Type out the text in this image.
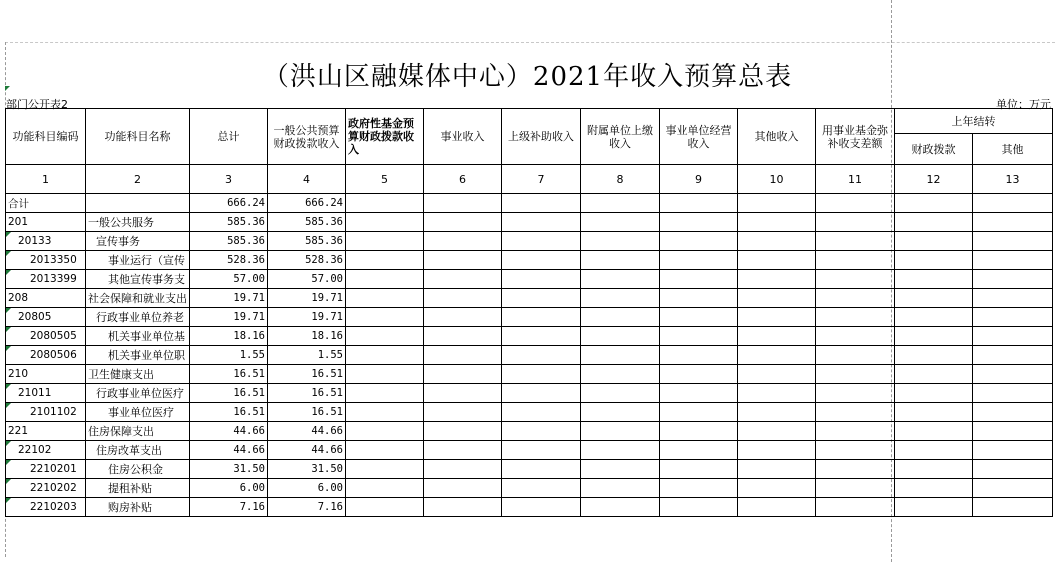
（洪山区融媒体中心）2021年收入预算总表
部门公开表2	单位：万元
功能科目编码	功能科目名称	总计	一般公共预算财政拨款收入	政府性基金预算财政拨款收入	事业收入	上级补助收入	附属单位上缴收入	事业单位经营收入	其他收入	用事业基金弥补收支差额	上年结转	
											财政拨款	其他
1	2	3	4	5	6	7	8	9	10	11	12	13
合计		666.24	666.24									
201	一般公共服务	585.36	585.36									
20133	宣传事务	585.36	585.36									
2013350	事业运行（宣传	528.36	528.36									
2013399	其他宣传事务支	57.00	57.00									
208	社会保障和就业支出	19.71	19.71									
20805	行政事业单位养老	19.71	19.71									
2080505	机关事业单位基	18.16	18.16									
2080506	机关事业单位职	1.55	1.55									
210	卫生健康支出	16.51	16.51									
21011	行政事业单位医疗	16.51	16.51									
2101102	事业单位医疗	16.51	16.51									
221	住房保障支出	44.66	44.66									
22102	住房改革支出	44.66	44.66									
2210201	住房公积金	31.50	31.50									
2210202	提租补贴	6.00	6.00									
2210203	购房补贴	7.16	7.16									
